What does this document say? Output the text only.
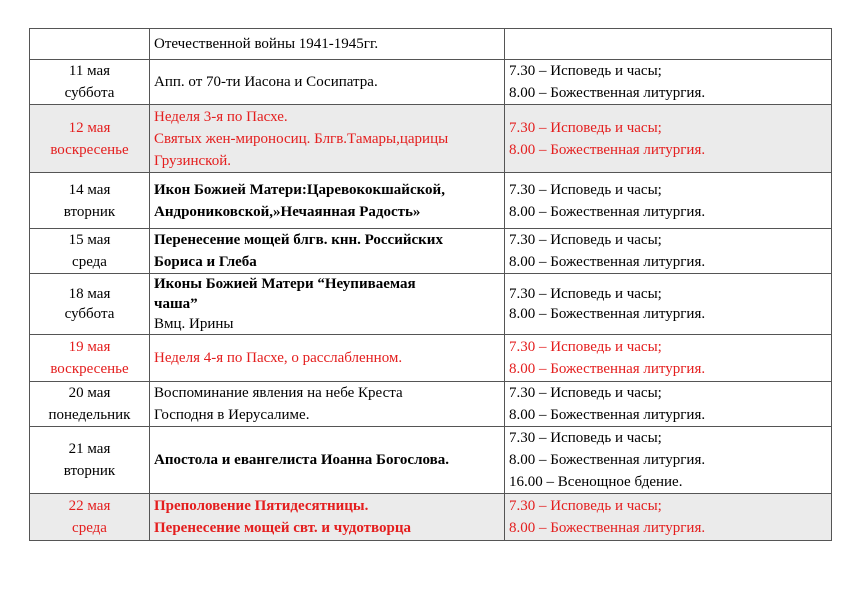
	Отечественной войны 1941-1945гг.	

11 мая
суббота	Апп. от 70-ти Иасона и Сосипатра.	7.30 – Исповедь и часы;
8.00 – Божественная литургия.

12 мая
воскресенье	Неделя 3-я по Пасхе.
Святых жен-мироносиц. Блгв.Тамары,царицы
Грузинской.	7.30 – Исповедь и часы;
8.00 – Божественная литургия.

14 мая
вторник	Икон Божией Матери:Царевококшайской,
Андрониковской,»Нечаянная Радость»	7.30 – Исповедь и часы;
8.00 – Божественная литургия.

15 мая
среда	Перенесение мощей блгв. кнн. Российских
Бориса и Глеба	7.30 – Исповедь и часы;
8.00 – Божественная литургия.

18 мая
суббота	Иконы Божией Матери “Неупиваемая
чаша”
Вмц. Ирины	7.30 – Исповедь и часы;
8.00 – Божественная литургия.

19 мая
воскресенье	Неделя 4-я по Пасхе, о расслабленном.	7.30 – Исповедь и часы;
8.00 – Божественная литургия.

20 мая
понедельник	Воспоминание явления на небе Креста
Господня в Иерусалиме.	7.30 – Исповедь и часы;
8.00 – Божественная литургия.

21 мая
вторник	Апостола и евангелиста Иоанна Богослова.	7.30 – Исповедь и часы;
8.00 – Божественная литургия.
16.00 – Всенощное бдение.

22 мая
среда	Преполовение Пятидесятницы.
Перенесение мощей свт. и чудотворца	7.30 – Исповедь и часы;
8.00 – Божественная литургия.
